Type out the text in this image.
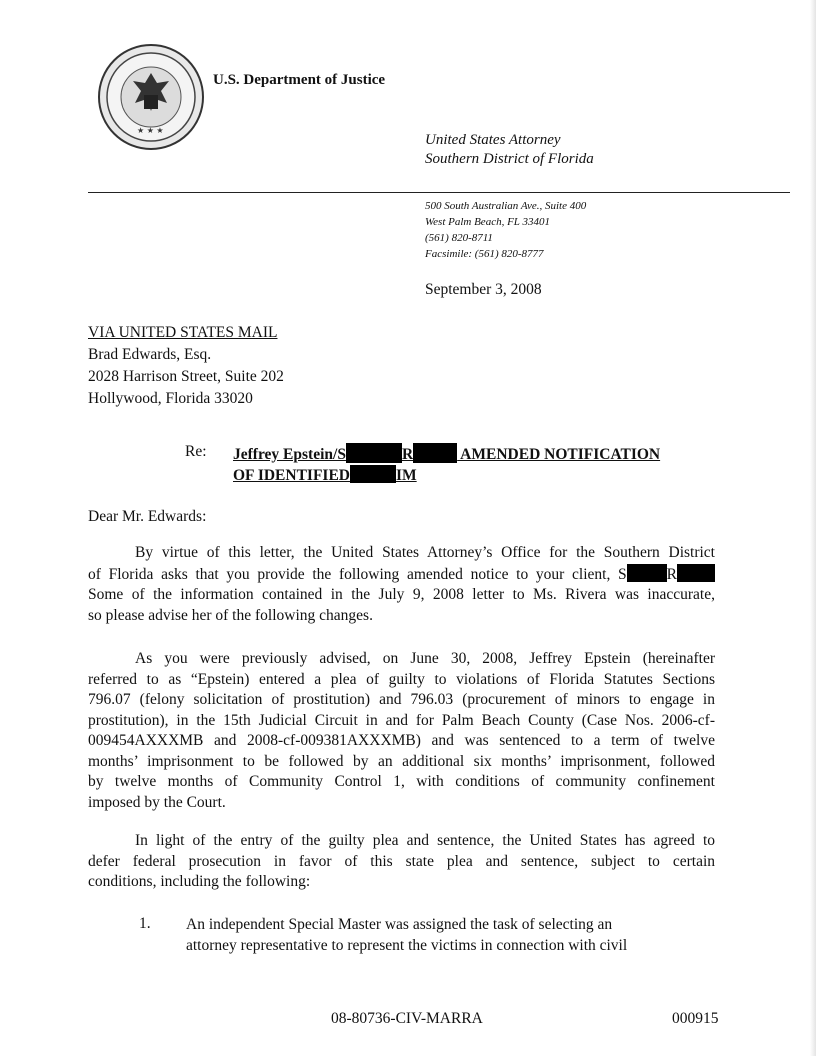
★ ★ ★
U.S. Department of Justice
United States Attorney
Southern District of Florida
500 South Australian Ave., Suite 400
West Palm Beach, FL 33401
(561) 820-8711
Facsimile: (561) 820-8777
September 3, 2008
VIA UNITED STATES MAIL
Brad Edwards, Esq.
2028 Harrison Street, Suite 202
Hollywood, Florida 33020
Re: Jeffrey Epstein/S	R	AMENDED NOTIFICATION
OF IDENTIFIED	IM
Dear Mr. Edwards:
By virtue of this letter, the United States Attorney’s Office for the Southern District
of Florida asks that you provide the following amended notice to your client, S	R
Some of the information contained in the July 9, 2008 letter to Ms. Rivera was inaccurate,
so please advise her of the following changes.
As you were previously advised, on June 30, 2008, Jeffrey Epstein (hereinafter
referred to as “Epstein) entered a plea of guilty to violations of Florida Statutes Sections
796.07 (felony solicitation of prostitution) and 796.03 (procurement of minors to engage in
prostitution), in the 15th Judicial Circuit in and for Palm Beach County (Case Nos. 2006-cf-
009454AXXXMB and 2008-cf-009381AXXXMB) and was sentenced to a term of twelve
months’ imprisonment to be followed by an additional six months’ imprisonment, followed
by twelve months of Community Control 1, with conditions of community confinement
imposed by the Court.
In light of the entry of the guilty plea and sentence, the United States has agreed to
defer federal prosecution in favor of this state plea and sentence, subject to certain
conditions, including the following:
1. An independent Special Master was assigned the task of selecting an
attorney representative to represent the victims in connection with civil
08-80736-CIV-MARRA	000915
